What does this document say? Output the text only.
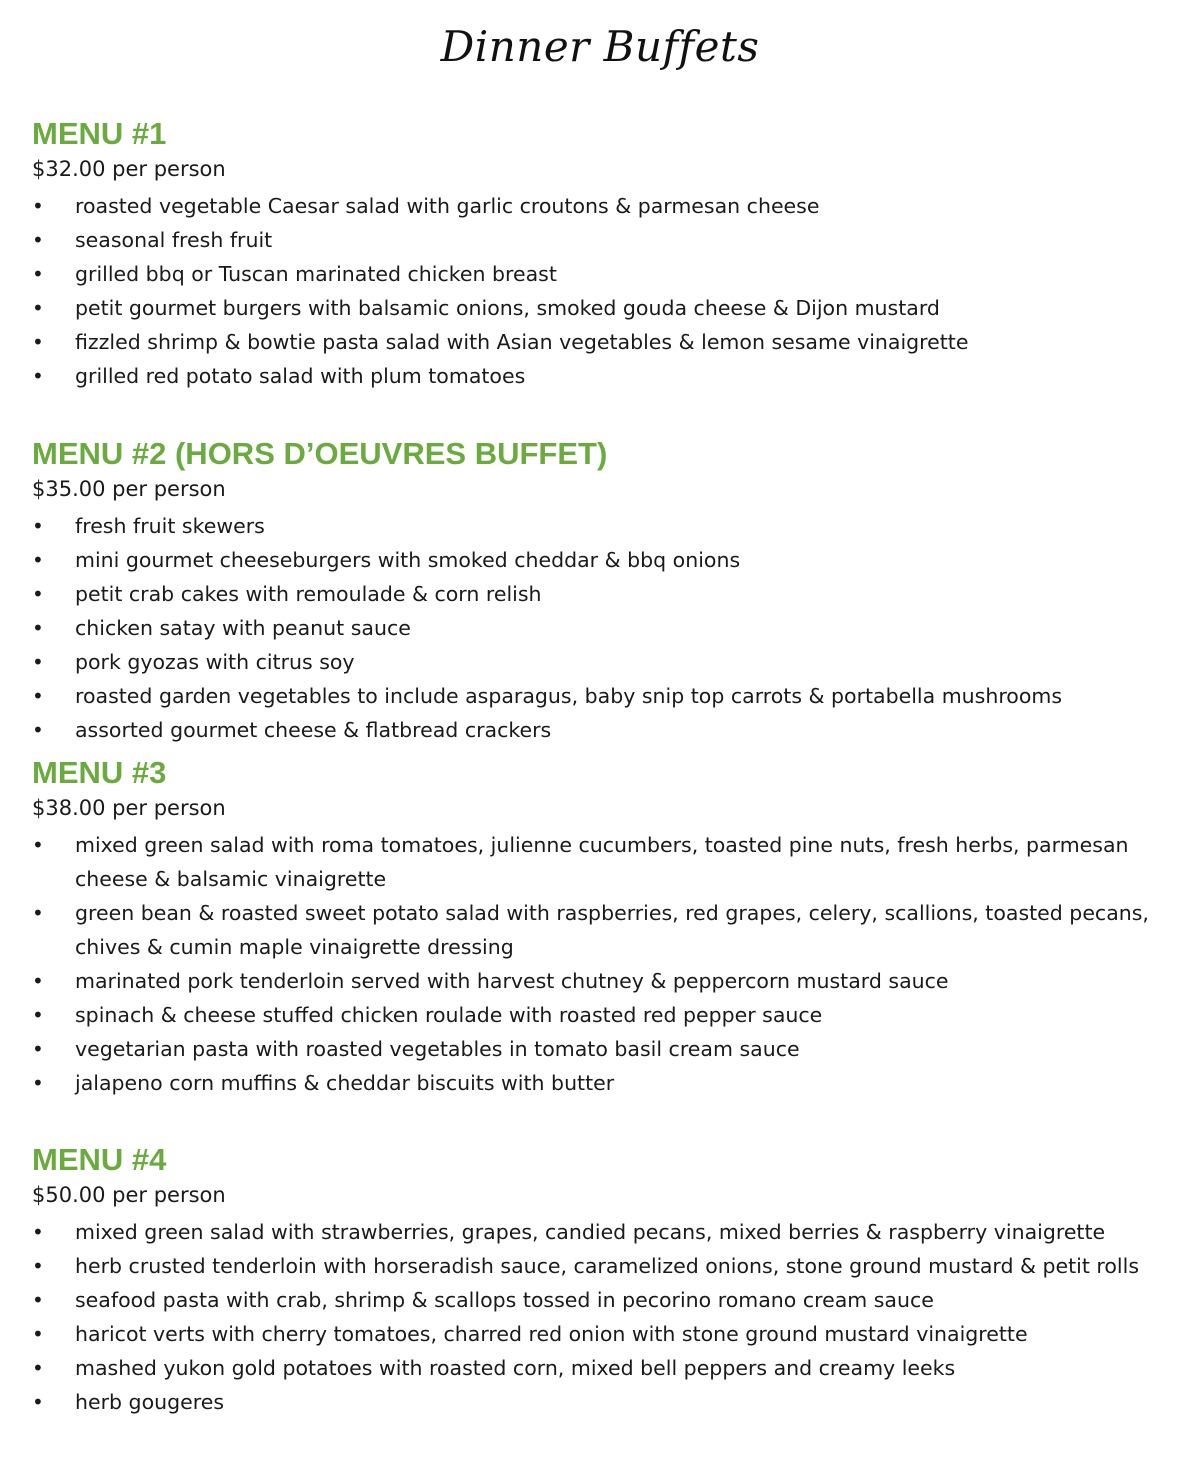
Dinner Buffets
MENU #1
$32.00 per person
• roasted vegetable Caesar salad with garlic croutons & parmesan cheese
• seasonal fresh fruit
• grilled bbq or Tuscan marinated chicken breast
• petit gourmet burgers with balsamic onions, smoked gouda cheese & Dijon mustard
• fizzled shrimp & bowtie pasta salad with Asian vegetables & lemon sesame vinaigrette
• grilled red potato salad with plum tomatoes
MENU #2 (HORS D’OEUVRES BUFFET)
$35.00 per person
• fresh fruit skewers
• mini gourmet cheeseburgers with smoked cheddar & bbq onions
• petit crab cakes with remoulade & corn relish
• chicken satay with peanut sauce
• pork gyozas with citrus soy
• roasted garden vegetables to include asparagus, baby snip top carrots & portabella mushrooms
• assorted gourmet cheese & flatbread crackers
MENU #3
$38.00 per person
• mixed green salad with roma tomatoes, julienne cucumbers, toasted pine nuts, fresh herbs, parmesan cheese & balsamic vinaigrette
• green bean & roasted sweet potato salad with raspberries, red grapes, celery, scallions, toasted pecans, chives & cumin maple vinaigrette dressing
• marinated pork tenderloin served with harvest chutney & peppercorn mustard sauce
• spinach & cheese stuffed chicken roulade with roasted red pepper sauce
• vegetarian pasta with roasted vegetables in tomato basil cream sauce
• jalapeno corn muffins & cheddar biscuits with butter
MENU #4
$50.00 per person
• mixed green salad with strawberries, grapes, candied pecans, mixed berries & raspberry vinaigrette
• herb crusted tenderloin with horseradish sauce, caramelized onions, stone ground mustard & petit rolls
• seafood pasta with crab, shrimp & scallops tossed in pecorino romano cream sauce
• haricot verts with cherry tomatoes, charred red onion with stone ground mustard vinaigrette
• mashed yukon gold potatoes with roasted corn, mixed bell peppers and creamy leeks
• herb gougeres
